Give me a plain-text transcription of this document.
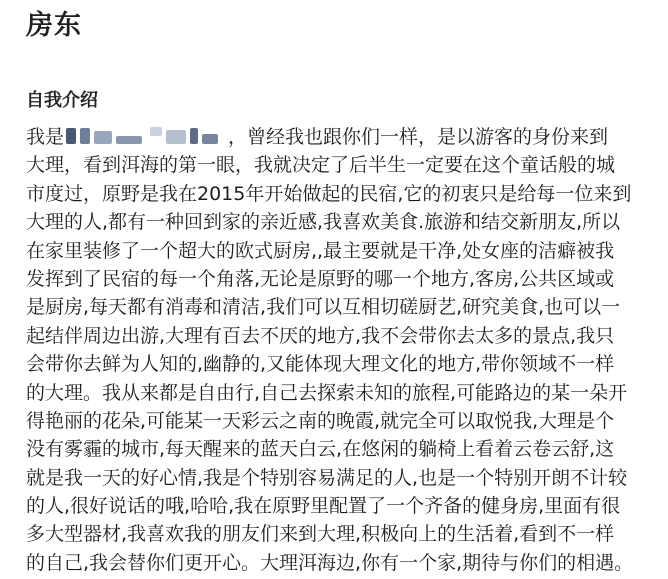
房东
自我介绍
我是	，曾经我也跟你们一样，是以游客的身份来到
大理，看到洱海的第一眼，我就决定了后半生一定要在这个童话般的城
市度过，原野是我在2015年开始做起的民宿,它的初衷只是给每一位来到
大理的人,都有一种回到家的亲近感,我喜欢美食.旅游和结交新朋友,所以
在家里装修了一个超大的欧式厨房,,最主要就是干净,处女座的洁癖被我
发挥到了民宿的每一个角落,无论是原野的哪一个地方,客房,公共区域或
是厨房,每天都有消毒和清洁,我们可以互相切磋厨艺,研究美食,也可以一
起结伴周边出游,大理有百去不厌的地方,我不会带你去太多的景点,我只
会带你去鲜为人知的,幽静的,又能体现大理文化的地方,带你领域不一样
的大理。我从来都是自由行,自己去探索未知的旅程,可能路边的某一朵开
得艳丽的花朵,可能某一天彩云之南的晚霞,就完全可以取悦我,大理是个
没有雾霾的城市,每天醒来的蓝天白云,在悠闲的躺椅上看着云卷云舒,这
就是我一天的好心情,我是个特别容易满足的人,也是一个特别开朗不计较
的人,很好说话的哦,哈哈,我在原野里配置了一个齐备的健身房,里面有很
多大型器材,我喜欢我的朋友们来到大理,积极向上的生活着,看到不一样
的自己,我会替你们更开心。大理洱海边,你有一个家,期待与你们的相遇。
